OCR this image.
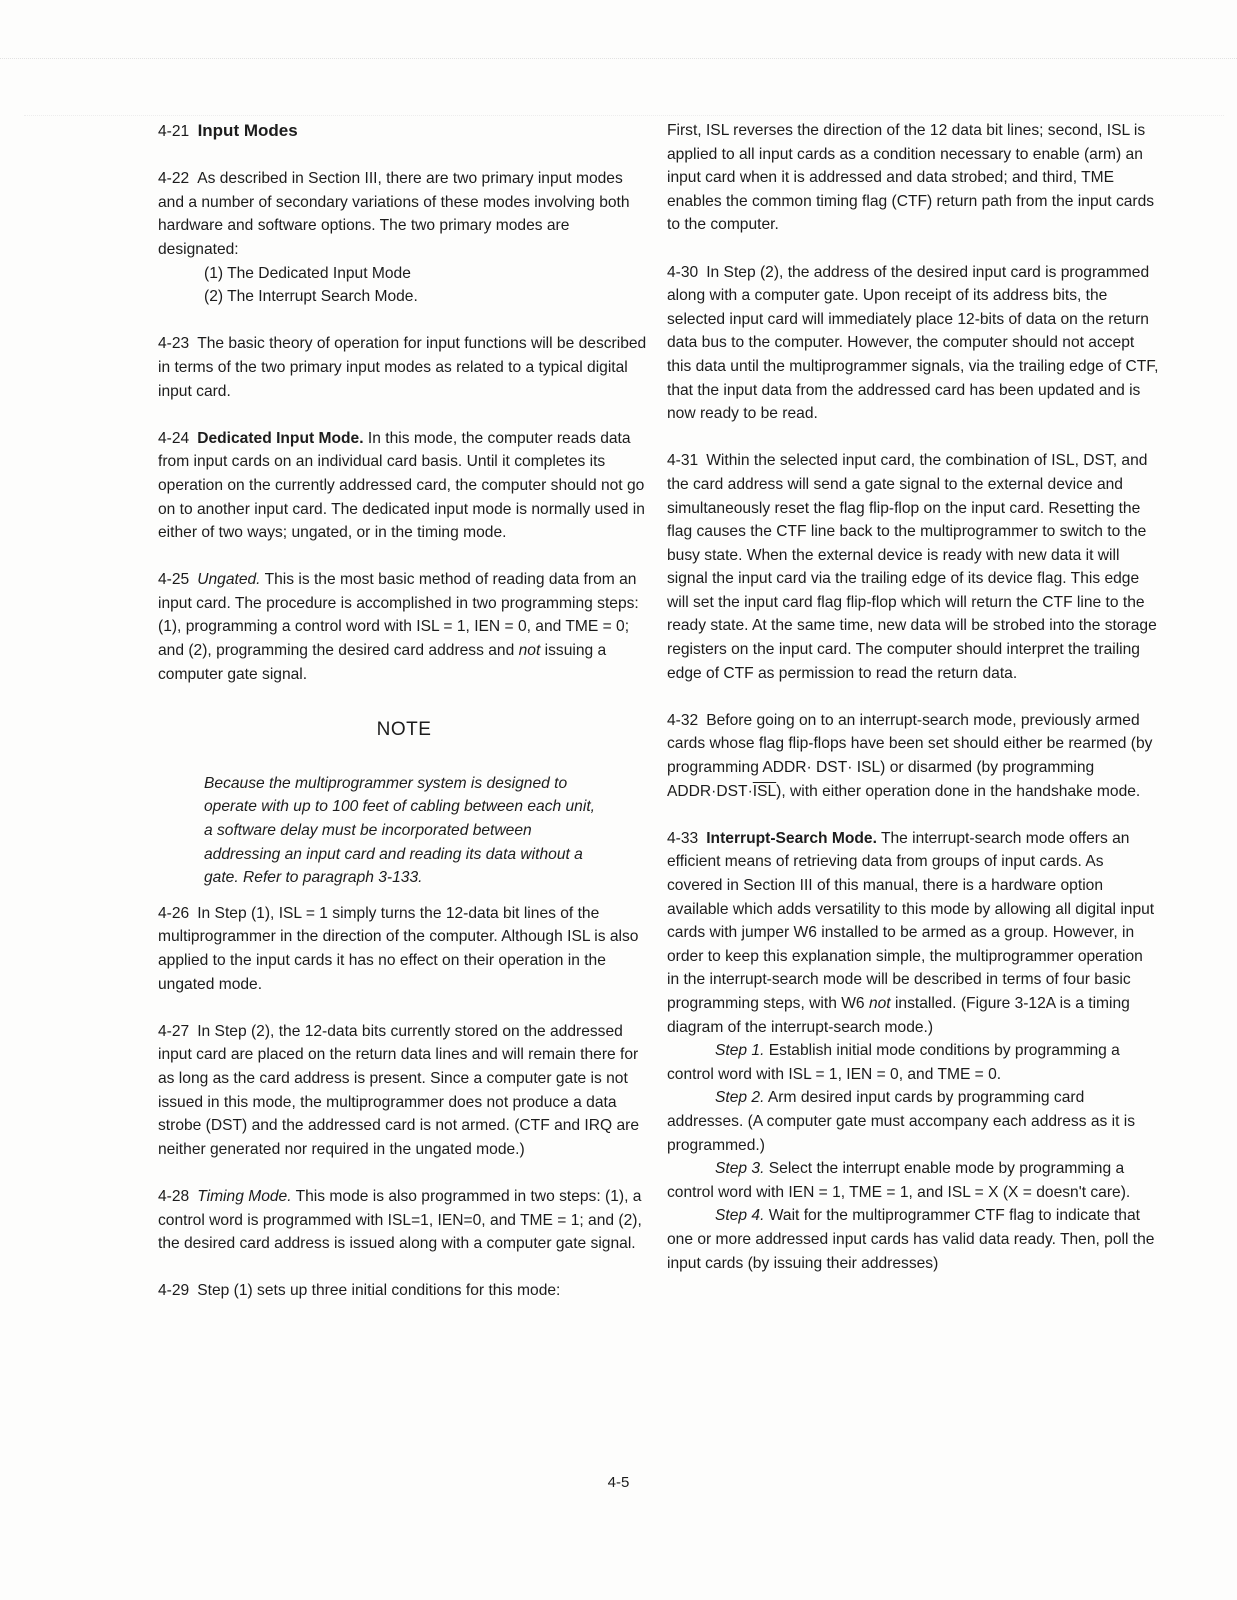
4-21 Input Modes
4-22 As described in Section III, there are two primary input modes and a number of secondary variations of these modes involving both hardware and software options. The two primary modes are designated:
(1) The Dedicated Input Mode
(2) The Interrupt Search Mode.
4-23 The basic theory of operation for input functions will be described in terms of the two primary input modes as related to a typical digital input card.
4-24 Dedicated Input Mode. In this mode, the computer reads data from input cards on an individual card basis. Until it completes its operation on the currently addressed card, the computer should not go on to another input card. The dedicated input mode is normally used in either of two ways; ungated, or in the timing mode.
4-25 Ungated. This is the most basic method of reading data from an input card. The procedure is accomplished in two programming steps: (1), programming a control word with ISL = 1, IEN = 0, and TME = 0; and (2), programming the desired card address and not issuing a computer gate signal.
NOTE
Because the multiprogrammer system is designed to operate with up to 100 feet of cabling between each unit, a software delay must be incorporated between addressing an input card and reading its data without a gate. Refer to paragraph 3-133.
4-26 In Step (1), ISL = 1 simply turns the 12-data bit lines of the multiprogrammer in the direction of the computer. Although ISL is also applied to the input cards it has no effect on their operation in the ungated mode.
4-27 In Step (2), the 12-data bits currently stored on the addressed input card are placed on the return data lines and will remain there for as long as the card address is present. Since a computer gate is not issued in this mode, the multiprogrammer does not produce a data strobe (DST) and the addressed card is not armed. (CTF and IRQ are neither generated nor required in the ungated mode.)
4-28 Timing Mode. This mode is also programmed in two steps: (1), a control word is programmed with ISL=1, IEN=0, and TME = 1; and (2), the desired card address is issued along with a computer gate signal.
4-29 Step (1) sets up three initial conditions for this mode:
First, ISL reverses the direction of the 12 data bit lines; second, ISL is applied to all input cards as a condition necessary to enable (arm) an input card when it is addressed and data strobed; and third, TME enables the common timing flag (CTF) return path from the input cards to the computer.
4-30 In Step (2), the address of the desired input card is programmed along with a computer gate. Upon receipt of its address bits, the selected input card will immediately place 12-bits of data on the return data bus to the computer. However, the computer should not accept this data until the multiprogrammer signals, via the trailing edge of CTF, that the input data from the addressed card has been updated and is now ready to be read.
4-31 Within the selected input card, the combination of ISL, DST, and the card address will send a gate signal to the external device and simultaneously reset the flag flip-flop on the input card. Resetting the flag causes the CTF line back to the multiprogrammer to switch to the busy state. When the external device is ready with new data it will signal the input card via the trailing edge of its device flag. This edge will set the input card flag flip-flop which will return the CTF line to the ready state. At the same time, new data will be strobed into the storage registers on the input card. The computer should interpret the trailing edge of CTF as permission to read the return data.
4-32 Before going on to an interrupt-search mode, previously armed cards whose flag flip-flops have been set should either be rearmed (by programming ADDR· DST· ISL) or disarmed (by programming $ADDR\cdot DST\cdot\overline{ISL}$), with either operation done in the handshake mode.
4-33 Interrupt-Search Mode. The interrupt-search mode offers an efficient means of retrieving data from groups of input cards. As covered in Section III of this manual, there is a hardware option available which adds versatility to this mode by allowing all digital input cards with jumper W6 installed to be armed as a group. However, in order to keep this explanation simple, the multiprogrammer operation in the interrupt-search mode will be described in terms of four basic programming steps, with W6 not installed. (Figure 3-12A is a timing diagram of the interrupt-search mode.)
Step 1. Establish initial mode conditions by programming a control word with ISL = 1, IEN = 0, and TME = 0.
Step 2. Arm desired input cards by programming card addresses. (A computer gate must accompany each address as it is programmed.)
Step 3. Select the interrupt enable mode by programming a control word with IEN = 1, TME = 1, and ISL = X (X = doesn't care).
Step 4. Wait for the multiprogrammer CTF flag to indicate that one or more addressed input cards has valid data ready. Then, poll the input cards (by issuing their addresses)
4-5
